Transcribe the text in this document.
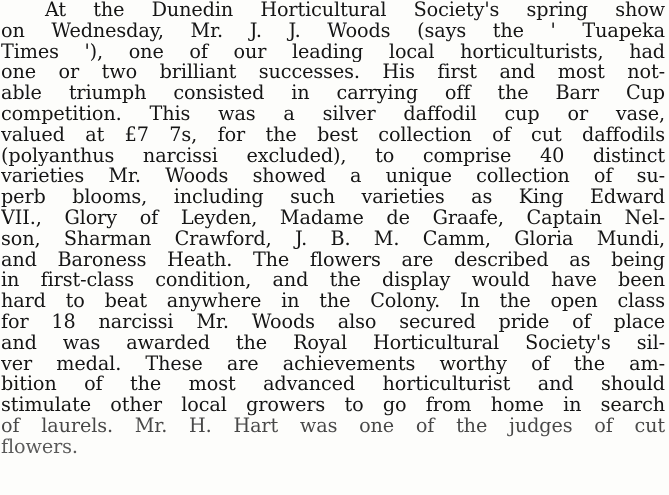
At the Dunedin Horticultural Society's spring show
on Wednesday, Mr. J. J. Woods (says the ' Tuapeka
Times '), one of our leading local horticulturists, had
one or two brilliant successes. His first and most not-
able triumph consisted in carrying off the Barr Cup
competition. This was a silver daffodil cup or vase,
valued at £7 7s, for the best collection of cut daffodils
(polyanthus narcissi excluded), to comprise 40 distinct
varieties Mr. Woods showed a unique collection of su-
perb blooms, including such varieties as King Edward
VII., Glory of Leyden, Madame de Graafe, Captain Nel-
son, Sharman Crawford, J. B. M. Camm, Gloria Mundi,
and Baroness Heath. The flowers are described as being
in first-class condition, and the display would have been
hard to beat anywhere in the Colony. In the open class
for 18 narcissi Mr. Woods also secured pride of place
and was awarded the Royal Horticultural Society's sil-
ver medal. These are achievements worthy of the am-
bition of the most advanced horticulturist and should
stimulate other local growers to go from home in search
of laurels. Mr. H. Hart was one of the judges of cut
flowers.
